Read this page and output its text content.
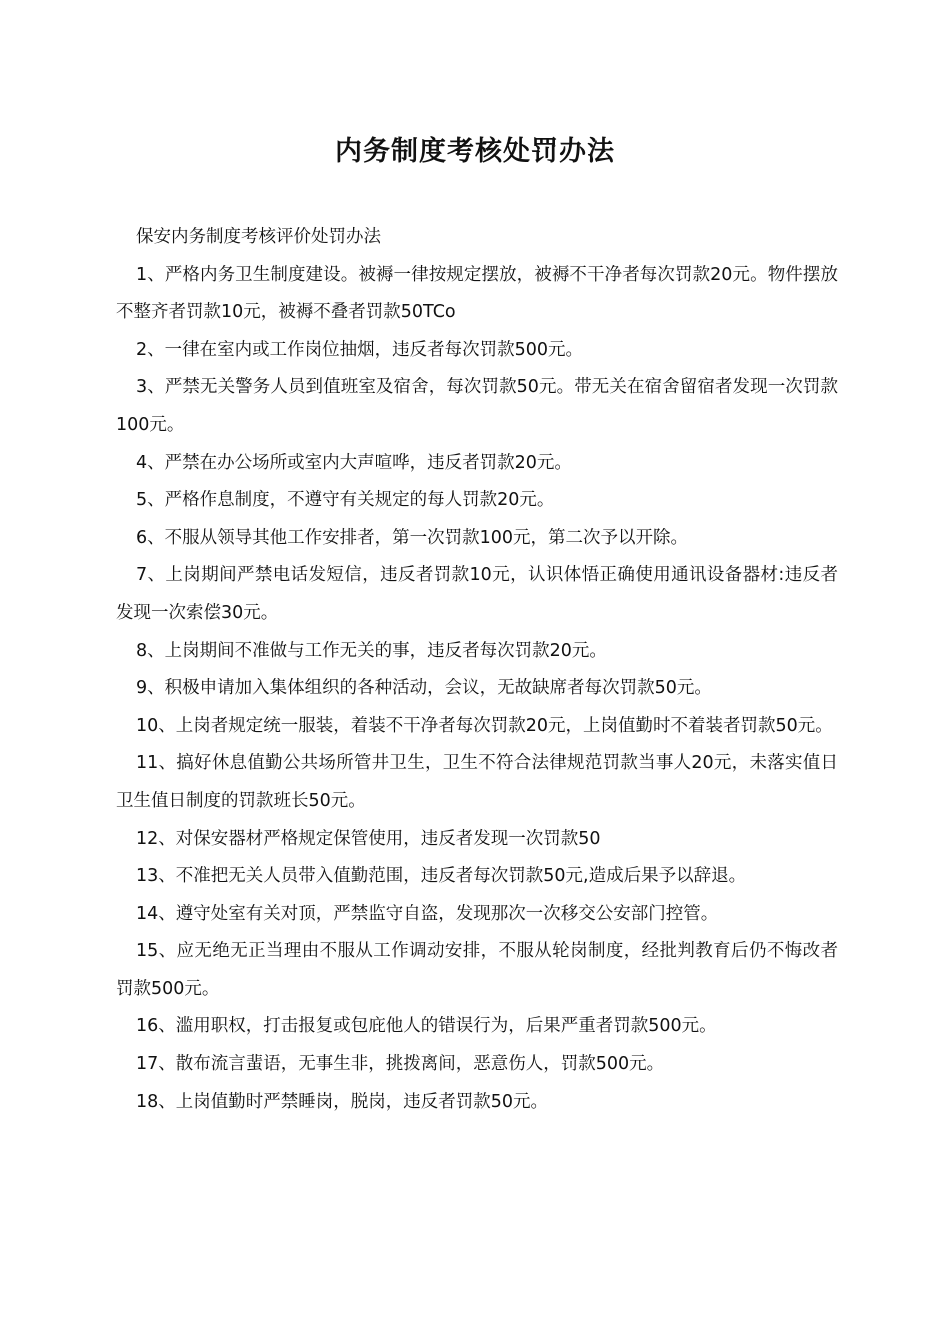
内务制度考核处罚办法

保安内务制度考核评价处罚办法

1、严格内务卫生制度建设。被褥一律按规定摆放，被褥不干净者每次罚款20元。物件摆放不整齐者罚款10元，被褥不叠者罚款50TCo

2、一律在室内或工作岗位抽烟，违反者每次罚款500元。

3、严禁无关警务人员到值班室及宿舍，每次罚款50元。带无关在宿舍留宿者发现一次罚款100元。

4、严禁在办公场所或室内大声喧哗，违反者罚款20元。

5、严格作息制度，不遵守有关规定的每人罚款20元。

6、不服从领导其他工作安排者，第一次罚款100元，第二次予以开除。

7、上岗期间严禁电话发短信，违反者罚款10元，认识体悟正确使用通讯设备器材:违反者发现一次索偿30元。

8、上岗期间不准做与工作无关的事，违反者每次罚款20元。

9、积极申请加入集体组织的各种活动，会议，无故缺席者每次罚款50元。

10、上岗者规定统一服装，着装不干净者每次罚款20元，上岗值勤时不着装者罚款50元。

11、搞好休息值勤公共场所管井卫生，卫生不符合法律规范罚款当事人20元，未落实值日卫生值日制度的罚款班长50元。

12、对保安器材严格规定保管使用，违反者发现一次罚款50

13、不准把无关人员带入值勤范围，违反者每次罚款50元,造成后果予以辞退。

14、遵守处室有关对顶，严禁监守自盗，发现那次一次移交公安部门控管。

15、应无绝无正当理由不服从工作调动安排，不服从轮岗制度，经批判教育后仍不悔改者罚款500元。

16、滥用职权，打击报复或包庇他人的错误行为，后果严重者罚款500元。

17、散布流言蜚语，无事生非，挑拨离间，恶意伤人，罚款500元。

18、上岗值勤时严禁睡岗，脱岗，违反者罚款50元。
